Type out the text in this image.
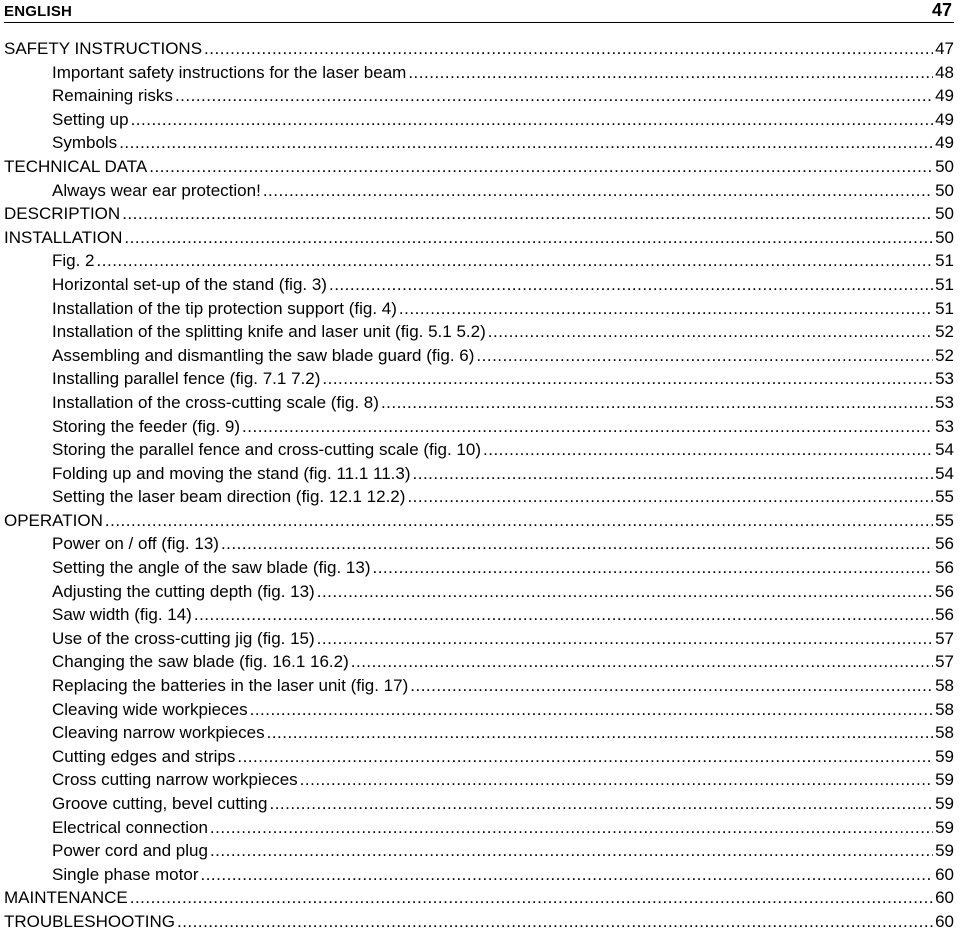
ENGLISH	47
SAFETY INSTRUCTIONS .....	47
Important safety instructions for the laser beam .....	48
Remaining risks .....	49
Setting up .....	49
Symbols .....	49
TECHNICAL DATA .....	50
Always wear ear protection! .....	50
DESCRIPTION .....	50
INSTALLATION .....	50
Fig. 2 .....	51
Horizontal set-up of the stand (fig. 3) .....	51
Installation of the tip protection support (fig. 4) .....	51
Installation of the splitting knife and laser unit (fig. 5.1 5.2) .....	52
Assembling and dismantling the saw blade guard (fig. 6) .....	52
Installing parallel fence (fig. 7.1 7.2) .....	53
Installation of the cross-cutting scale (fig. 8) .....	53
Storing the feeder (fig. 9) .....	53
Storing the parallel fence and cross-cutting scale (fig. 10) .....	54
Folding up and moving the stand (fig. 11.1 11.3) .....	54
Setting the laser beam direction (fig. 12.1 12.2) .....	55
OPERATION .....	55
Power on / off (fig. 13) .....	56
Setting the angle of the saw blade (fig. 13) .....	56
Adjusting the cutting depth (fig. 13) .....	56
Saw width (fig. 14) .....	56
Use of the cross-cutting jig (fig. 15) .....	57
Changing the saw blade (fig. 16.1 16.2) .....	57
Replacing the batteries in the laser unit (fig. 17) .....	58
Cleaving wide workpieces .....	58
Cleaving narrow workpieces .....	58
Cutting edges and strips .....	59
Cross cutting narrow workpieces .....	59
Groove cutting, bevel cutting .....	59
Electrical connection .....	59
Power cord and plug .....	59
Single phase motor .....	60
MAINTENANCE .....	60
TROUBLESHOOTING .....	60
